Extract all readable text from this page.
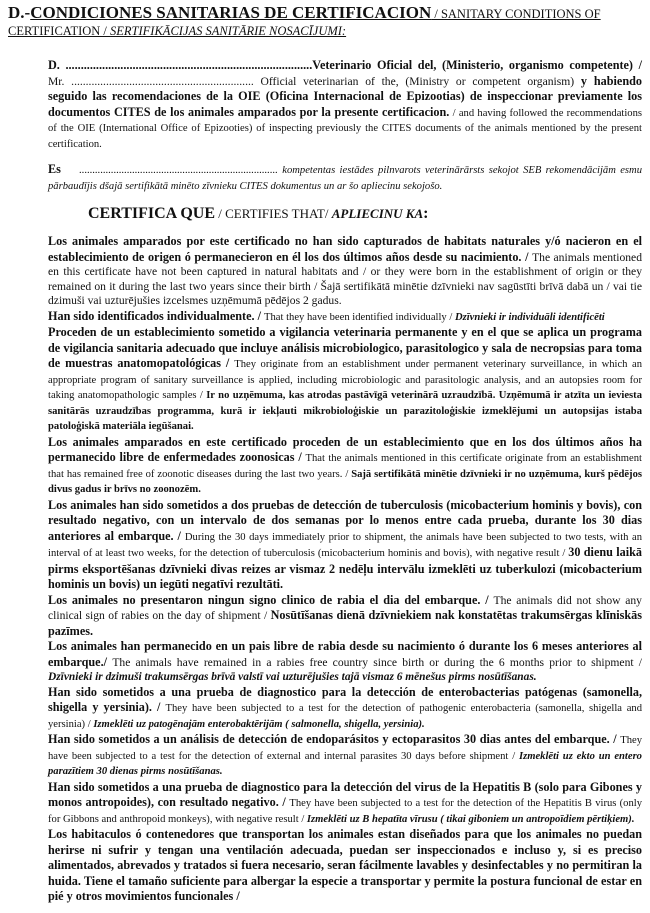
D.-CONDICIONES SANITARIAS DE CERTIFICACION / SANITARY CONDITIONS OF
CERTIFICATION / SERTIFIKĀCIJAS SANITĀRIE NOSACĪJUMI:
D. .................................................................................Veterinario Oficial del, (Ministerio, organismo competente) / Mr. ............................................................... Official veterinarian of the, (Ministry or competent organism) y habiendo seguido las recomendaciones de la OIE (Oficina Internacional de Epizootias) de inspeccionar previamente los documentos CITES de los animales amparados por la presente certificacion. / and having followed the recommendations of the OIE (International Office of Epizooties) of inspecting previously the CITES documents of the animals mentioned by the present certification.
Es ........................................................................... kompetentas iestādes pilnvarots veterinārārsts sekojot SEB rekomendācijām esmu pārbaudījis dšajā sertifikātā minēto zīvnieku CITES dokumentus un ar šo apliecinu sekojošo.
CERTIFICA QUE / CERTIFIES THAT/ APLIECINU KA:

Los animales amparados por este certificado no han sido capturados de habitats naturales y/ó nacieron en el establecimiento de origen ó permanecieron en él los dos últimos años desde su nacimiento. / The animals mentioned en this certificate have not been captured in natural habitats and / or they were born in the establishment of origin or they remained on it during the last two years since their birth / Šajā sertifikātā minētie dzīvnieki nav sagūstīti brīvā dabā un / vai tie dzimuši vai uzturējušies izcelsmes uzņēmumā pēdējos 2 gadus.

Han sido identificados individualmente. / That they have been identified individually / Dzīvnieki ir individuāli identificēti

Proceden de un establecimiento sometido a vigilancia veterinaria permanente y en el que se aplica un programa de vigilancia sanitaria adecuado que incluye análisis microbiologico, parasitologico y sala de necropsias para toma de muestras anatomopatológicas / They originate from an establishment under permanent veterinary surveillance, in which an appropriate program of sanitary surveillance is applied, including microbiologic and parasitologic analysis, and an autopsies room for taking anatomopathologic samples / Ir no uzņēmuma, kas atrodas pastāvīgā veterinārā uzraudzībā. Uzņēmumā ir atzīta un ieviesta sanitārās uzraudzības programma, kurā ir iekļauti mikrobioloģiskie un parazitoloģiskie izmeklējumi un autopsijas istaba patoloģiskā materiāla iegūšanai.

Los animales amparados en este certificado proceden de un establecimiento que en los dos últimos años ha permanecido libre de enfermedades zoonosicas / That the animals mentioned in this certificate originate from an establishment that has remained free of zoonotic diseases during the last two years. / Sajā sertifikātā minētie dzīvnieki ir no uzņēmuma, kurš pēdējos divus gadus ir brīvs no zoonozēm.

Los animales han sido sometidos a dos pruebas de detección de tuberculosis (micobacterium hominis y bovis), con resultado negativo, con un intervalo de dos semanas por lo menos entre cada prueba, durante los 30 dias anteriores al embarque. / During the 30 days immediately prior to shipment, the animals have been subjected to two tests, with an interval of at least two weeks, for the detection of tuberculosis (micobacterium hominis and bovis), with negative result / 30 dienu laikā pirms eksportēšanas dzīvnieki divas reizes ar vismaz 2 nedēļu intervālu izmeklēti uz tuberkulozi (micobacterium hominis un bovis) un iegūti negatīvi rezultāti.

Los animales no presentaron ningun signo clinico de rabia el dia del embarque. / The animals did not show any clinical sign of rabies on the day of shipment / Nosūtīšanas dienā dzīvniekiem nak konstatētas trakumsērgas klīniskās pazīmes.

Los animales han permanecido en un pais libre de rabia desde su nacimiento ó durante los 6 meses anteriores al embarque./ The animals have remained in a rabies free country since birth or during the 6 months prior to shipment / Dzīvnieki ir dzimuši trakumsērgas brīvā valstī vai uzturējušies tajā vismaz 6 mēnešus pirms nosūtīšanas.

Han sido sometidos a una prueba de diagnostico para la detección de enterobacterias patógenas (samonella, shigella y yersinia). / They have been subjected to a test for the detection of pathogenic enterobacteria (samonella, shigella and yersinia) / Izmeklēti uz patogēnajām enterobaktērijām ( salmonella, shigella, yersinia).

Han sido sometidos a un análisis de detección de endoparásitos y ectoparasitos 30 dias antes del embarque. / They have been subjected to a test for the detection of external and internal parasites 30 days before shipment / Izmeklēti uz ekto un entero parazītiem 30 dienas pirms nosūtīšanas.

Han sido sometidos a una prueba de diagnostico para la detección del virus de la Hepatitis B (solo para Gibones y monos antropoides), con resultado negativo. / They have been subjected to a test for the detection of the Hepatitis B virus (only for Gibbons and anthropoid monkeys), with negative result / Izmeklēti uz B hepatīta vīrusu ( tikai giboniem un antropoīdiem pērtiķiem).

Los habitaculos ó contenedores que transportan los animales estan diseñados para que los animales no puedan herirse ni sufrir y tengan una ventilación adecuada, puedan ser inspeccionados e incluso y, si es preciso alimentados, abrevados y tratados si fuera necesario, seran fácilmente lavables y desinfectables y no permitiran la huida. Tiene el tamaño suficiente para albergar la especie a transportar y permite la postura funcional de estar en pié y otros movimientos funcionales /
